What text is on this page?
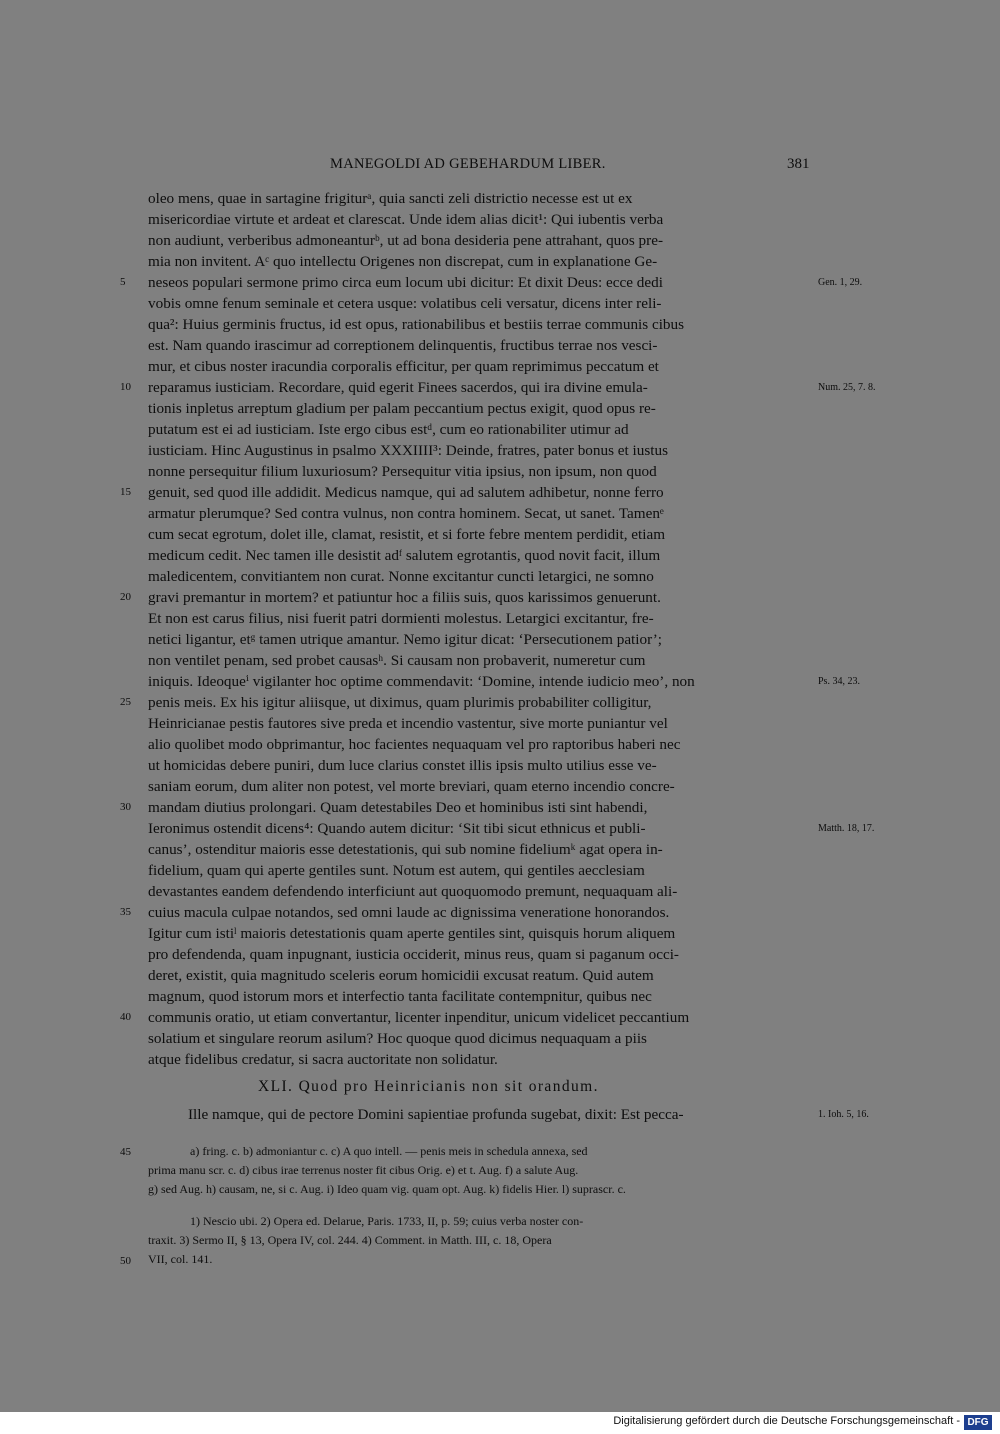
MANEGOLDI AD GEBEHARDUM LIBER.	381
oleo mens, quae in sartagine frigiturᵃ, quia sancti zeli districtio necesse est ut ex
misericordiae virtute et ardeat et clarescat. Unde idem alias dicit¹: Qui iubentis verba
non audiunt, verberibus admoneanturᵇ, ut ad bona desideria pene attrahant, quos pre-
mia non invitent. Aᶜ quo intellectu Origenes non discrepat, cum in explanatione Ge-
neseos populari sermone primo circa eum locum ubi dicitur: Et dixit Deus: ecce dedi
vobis omne fenum seminale et cetera usque: volatibus celi versatur, dicens inter reli-
qua²: Huius germinis fructus, id est opus, rationabilibus et bestiis terrae communis cibus
est. Nam quando irascimur ad correptionem delinquentis, fructibus terrae nos vesci-
mur, et cibus noster iracundia corporalis efficitur, per quam reprimimus peccatum et
reparamus iusticiam. Recordare, quid egerit Finees sacerdos, qui ira divine emula-
tionis inpletus arreptum gladium per palam peccantium pectus exigit, quod opus re-
putatum est ei ad iusticiam. Iste ergo cibus estᵈ, cum eo rationabiliter utimur ad
iusticiam. Hinc Augustinus in psalmo XXXIIII³: Deinde, fratres, pater bonus et iustus
nonne persequitur filium luxuriosum? Persequitur vitia ipsius, non ipsum, non quod
genuit, sed quod ille addidit. Medicus namque, qui ad salutem adhibetur, nonne ferro
armatur plerumque? Sed contra vulnus, non contra hominem. Secat, ut sanet. Tamenᵉ
cum secat egrotum, dolet ille, clamat, resistit, et si forte febre mentem perdidit, etiam
medicum cedit. Nec tamen ille desistit adᶠ salutem egrotantis, quod novit facit, illum
maledicentem, convitiantem non curat. Nonne excitantur cuncti letargici, ne somno
gravi premantur in mortem? et patiuntur hoc a filiis suis, quos karissimos genuerunt.
Et non est carus filius, nisi fuerit patri dormienti molestus. Letargici excitantur, fre-
netici ligantur, etᵍ tamen utrique amantur. Nemo igitur dicat: ‘Persecutionem patior’;
non ventilet penam, sed probet causasʰ. Si causam non probaverit, numeretur cum
iniquis. Ideoqueⁱ vigilanter hoc optime commendavit: ‘Domine, intende iudicio meo’, non
penis meis. Ex his igitur aliisque, ut diximus, quam plurimis probabiliter colligitur,
Heinricianae pestis fautores sive preda et incendio vastentur, sive morte puniantur vel
alio quolibet modo obprimantur, hoc facientes nequaquam vel pro raptoribus haberi nec
ut homicidas debere puniri, dum luce clarius constet illis ipsis multo utilius esse ve-
saniam eorum, dum aliter non potest, vel morte breviari, quam eterno incendio concre-
mandam diutius prolongari. Quam detestabiles Deo et hominibus isti sint habendi,
Ieronimus ostendit dicens⁴: Quando autem dicitur: ‘Sit tibi sicut ethnicus et publi-
canus’, ostenditur maioris esse detestationis, qui sub nomine fideliumᵏ agat opera in-
fidelium, quam qui aperte gentiles sunt. Notum est autem, qui gentiles aecclesiam
devastantes eandem defendendo interficiunt aut quoquomodo premunt, nequaquam ali-
cuius macula culpae notandos, sed omni laude ac dignissima veneratione honorandos.
Igitur cum istiˡ maioris detestationis quam aperte gentiles sint, quisquis horum aliquem
pro defendenda, quam inpugnant, iusticia occiderit, minus reus, quam si paganum occi-
deret, existit, quia magnitudo sceleris eorum homicidii excusat reatum. Quid autem
magnum, quod istorum mors et interfectio tanta facilitate contempnitur, quibus nec
communis oratio, ut etiam convertantur, licenter inpenditur, unicum videlicet peccantium
solatium et singulare reorum asilum? Hoc quoque quod dicimus nequaquam a piis
atque fidelibus credatur, si sacra auctoritate non solidatur.
5
10
15
20
25
30
35
40
Gen. 1, 29.
Num. 25, 7. 8.
Ps. 34, 23.
Matth. 18, 17.
1. Ioh. 5, 16.
XLI. Quod pro Heinricianis non sit orandum.
Ille namque, qui de pectore Domini sapientiae profunda sugebat, dixit: Est pecca-
a) fring. c. b) admoniantur c. c) A quo intell. — penis meis in schedula annexa, sed
prima manu scr. c. d) cibus irae terrenus noster fit cibus Orig. e) et t. Aug. f) a salute Aug.
g) sed Aug. h) causam, ne, si c. Aug. i) Ideo quam vig. quam opt. Aug. k) fidelis Hier. l) suprascr. c.
1) Nescio ubi. 2) Opera ed. Delarue, Paris. 1733, II, p. 59; cuius verba noster con-
traxit. 3) Sermo II, § 13, Opera IV, col. 244. 4) Comment. in Matth. III, c. 18, Opera
VII, col. 141.
45
50
Digitalisierung gefördert durch die Deutsche Forschungsgemeinschaft - DFG
